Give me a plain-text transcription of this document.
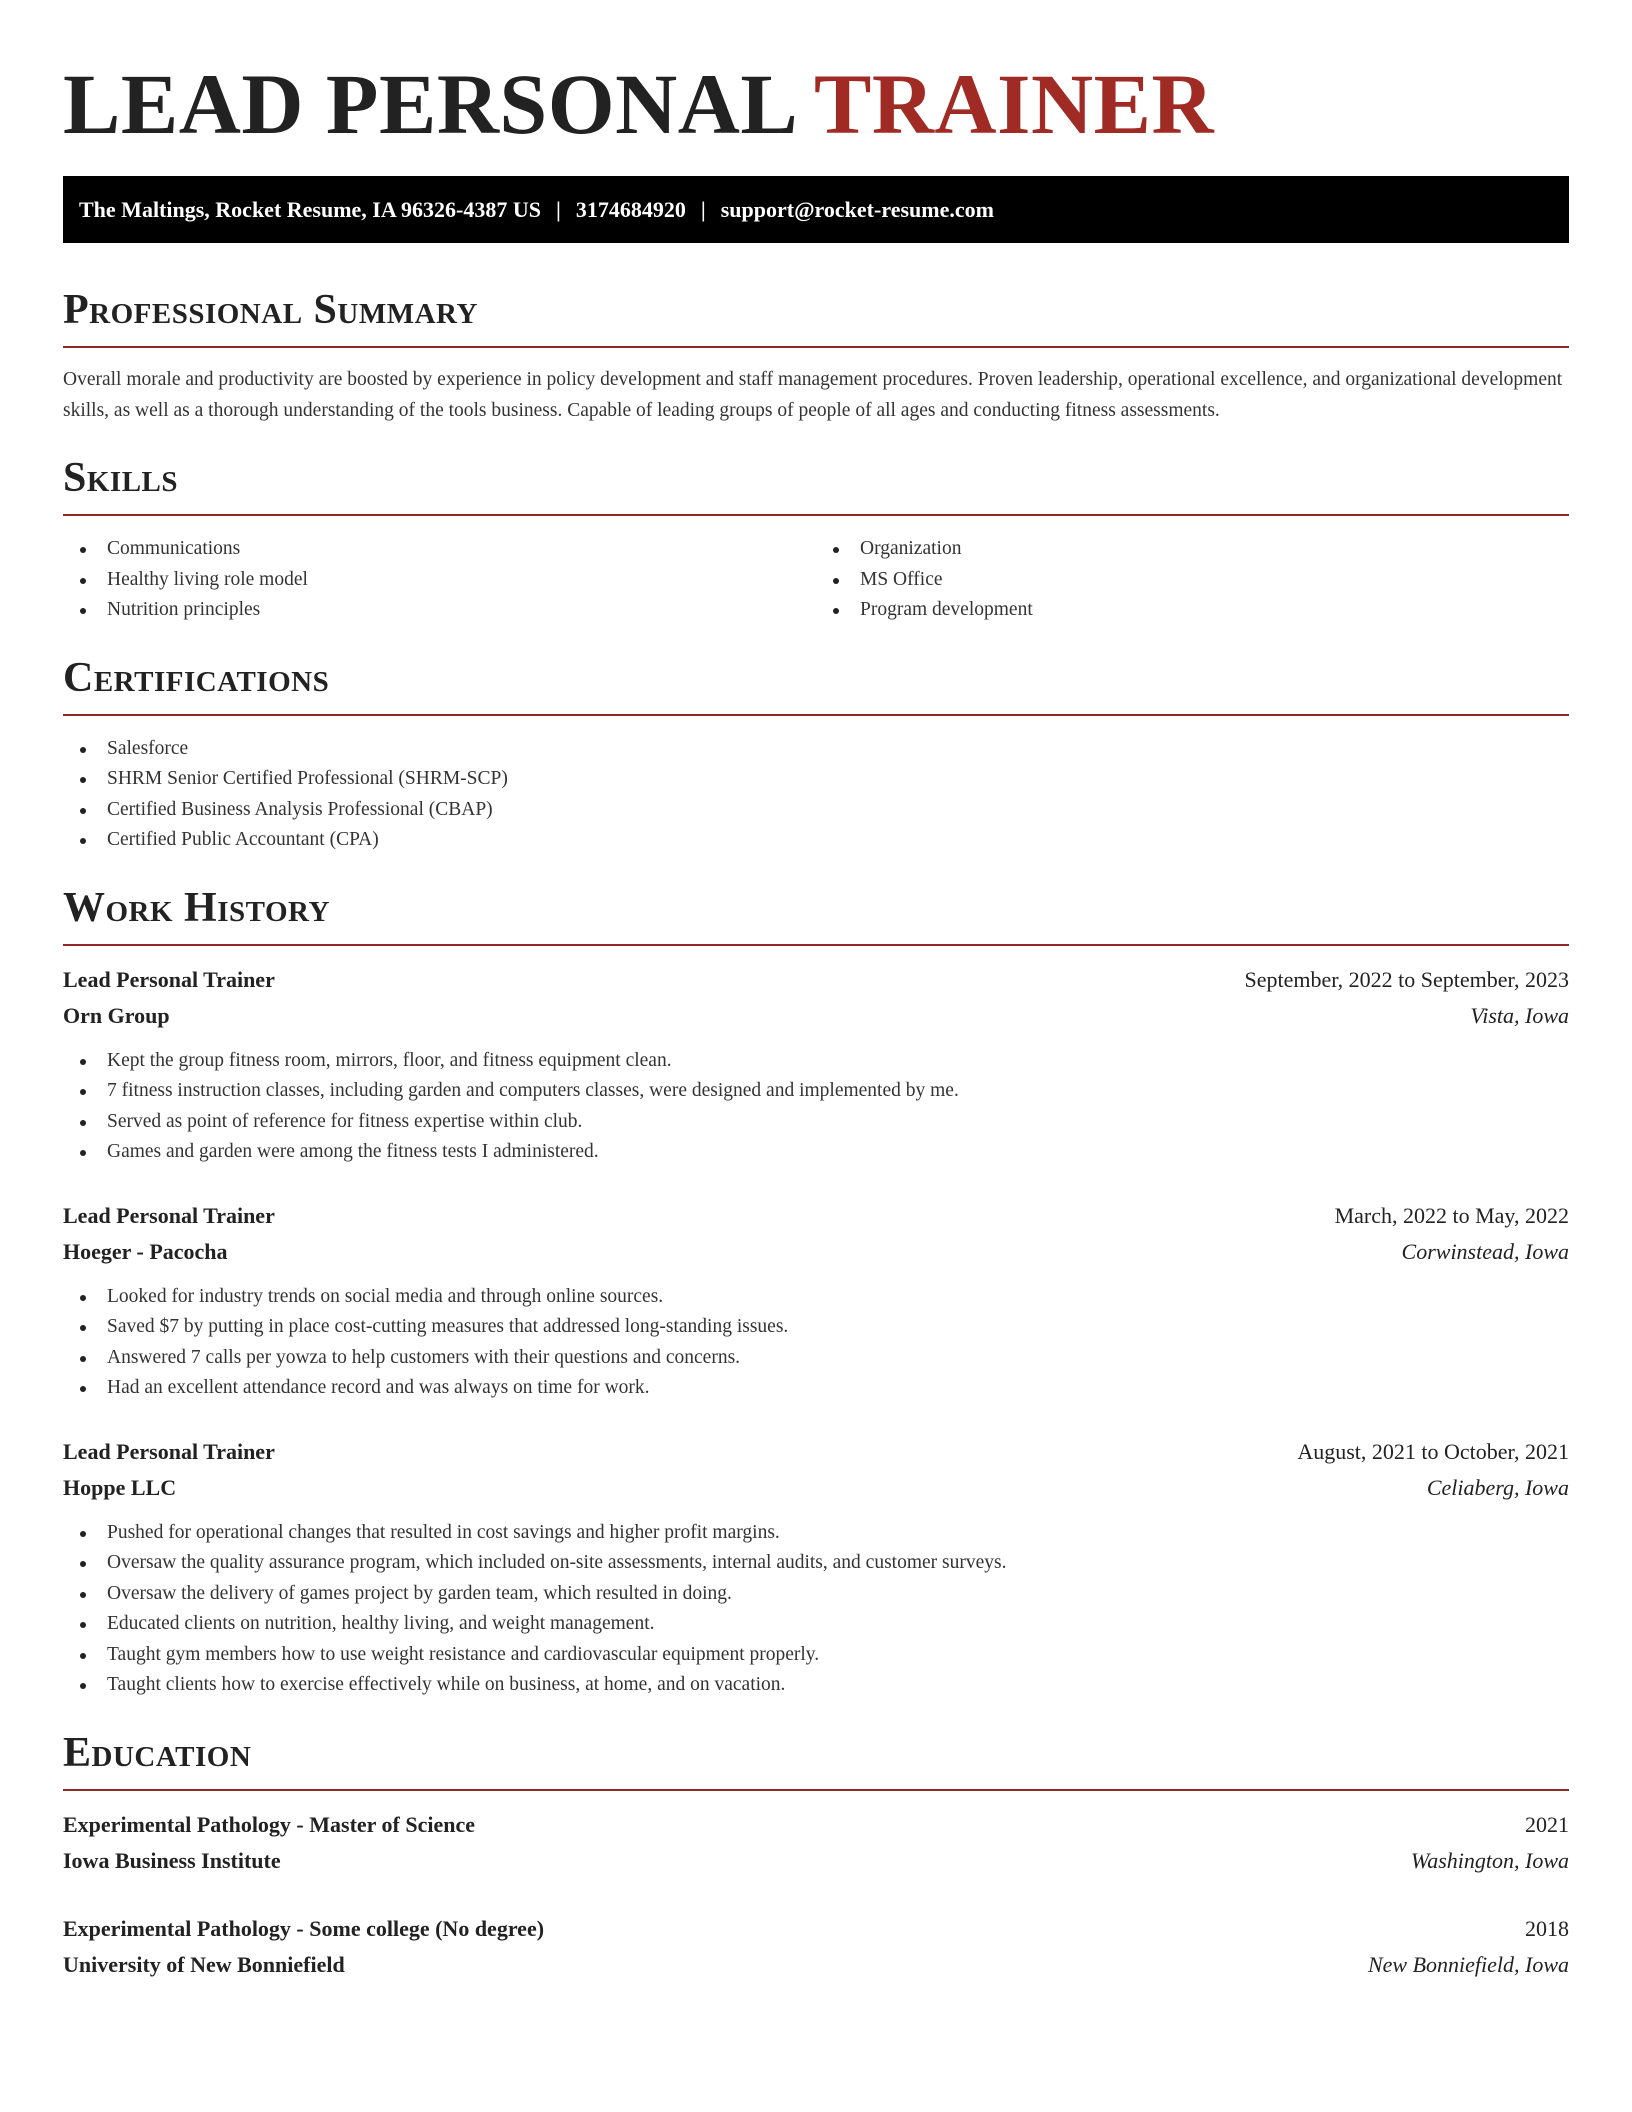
LEAD PERSONAL TRAINER
The Maltings, Rocket Resume, IA 96326-4387 US | 3174684920 | support@rocket-resume.com
Professional Summary

Overall morale and productivity are boosted by experience in policy development and staff management procedures. Proven leadership, operational excellence, and organizational development skills, as well as a thorough understanding of the tools business. Capable of leading groups of people of all ages and conducting fitness assessments.

Skills
Communications
Healthy living role model
Nutrition principles
Organization
MS Office
Program development
Certifications
Salesforce
SHRM Senior Certified Professional (SHRM-SCP)
Certified Business Analysis Professional (CBAP)
Certified Public Accountant (CPA)
Work History
Lead Personal Trainer	September, 2022 to September, 2023
Orn Group	Vista, Iowa
Kept the group fitness room, mirrors, floor, and fitness equipment clean.
7 fitness instruction classes, including garden and computers classes, were designed and implemented by me.
Served as point of reference for fitness expertise within club.
Games and garden were among the fitness tests I administered.
Lead Personal Trainer	March, 2022 to May, 2022
Hoeger - Pacocha	Corwinstead, Iowa
Looked for industry trends on social media and through online sources.
Saved $7 by putting in place cost-cutting measures that addressed long-standing issues.
Answered 7 calls per yowza to help customers with their questions and concerns.
Had an excellent attendance record and was always on time for work.
Lead Personal Trainer	August, 2021 to October, 2021
Hoppe LLC	Celiaberg, Iowa
Pushed for operational changes that resulted in cost savings and higher profit margins.
Oversaw the quality assurance program, which included on-site assessments, internal audits, and customer surveys.
Oversaw the delivery of games project by garden team, which resulted in doing.
Educated clients on nutrition, healthy living, and weight management.
Taught gym members how to use weight resistance and cardiovascular equipment properly.
Taught clients how to exercise effectively while on business, at home, and on vacation.
Education
Experimental Pathology - Master of Science	2021
Iowa Business Institute	Washington, Iowa
Experimental Pathology - Some college (No degree)	2018
University of New Bonniefield	New Bonniefield, Iowa
